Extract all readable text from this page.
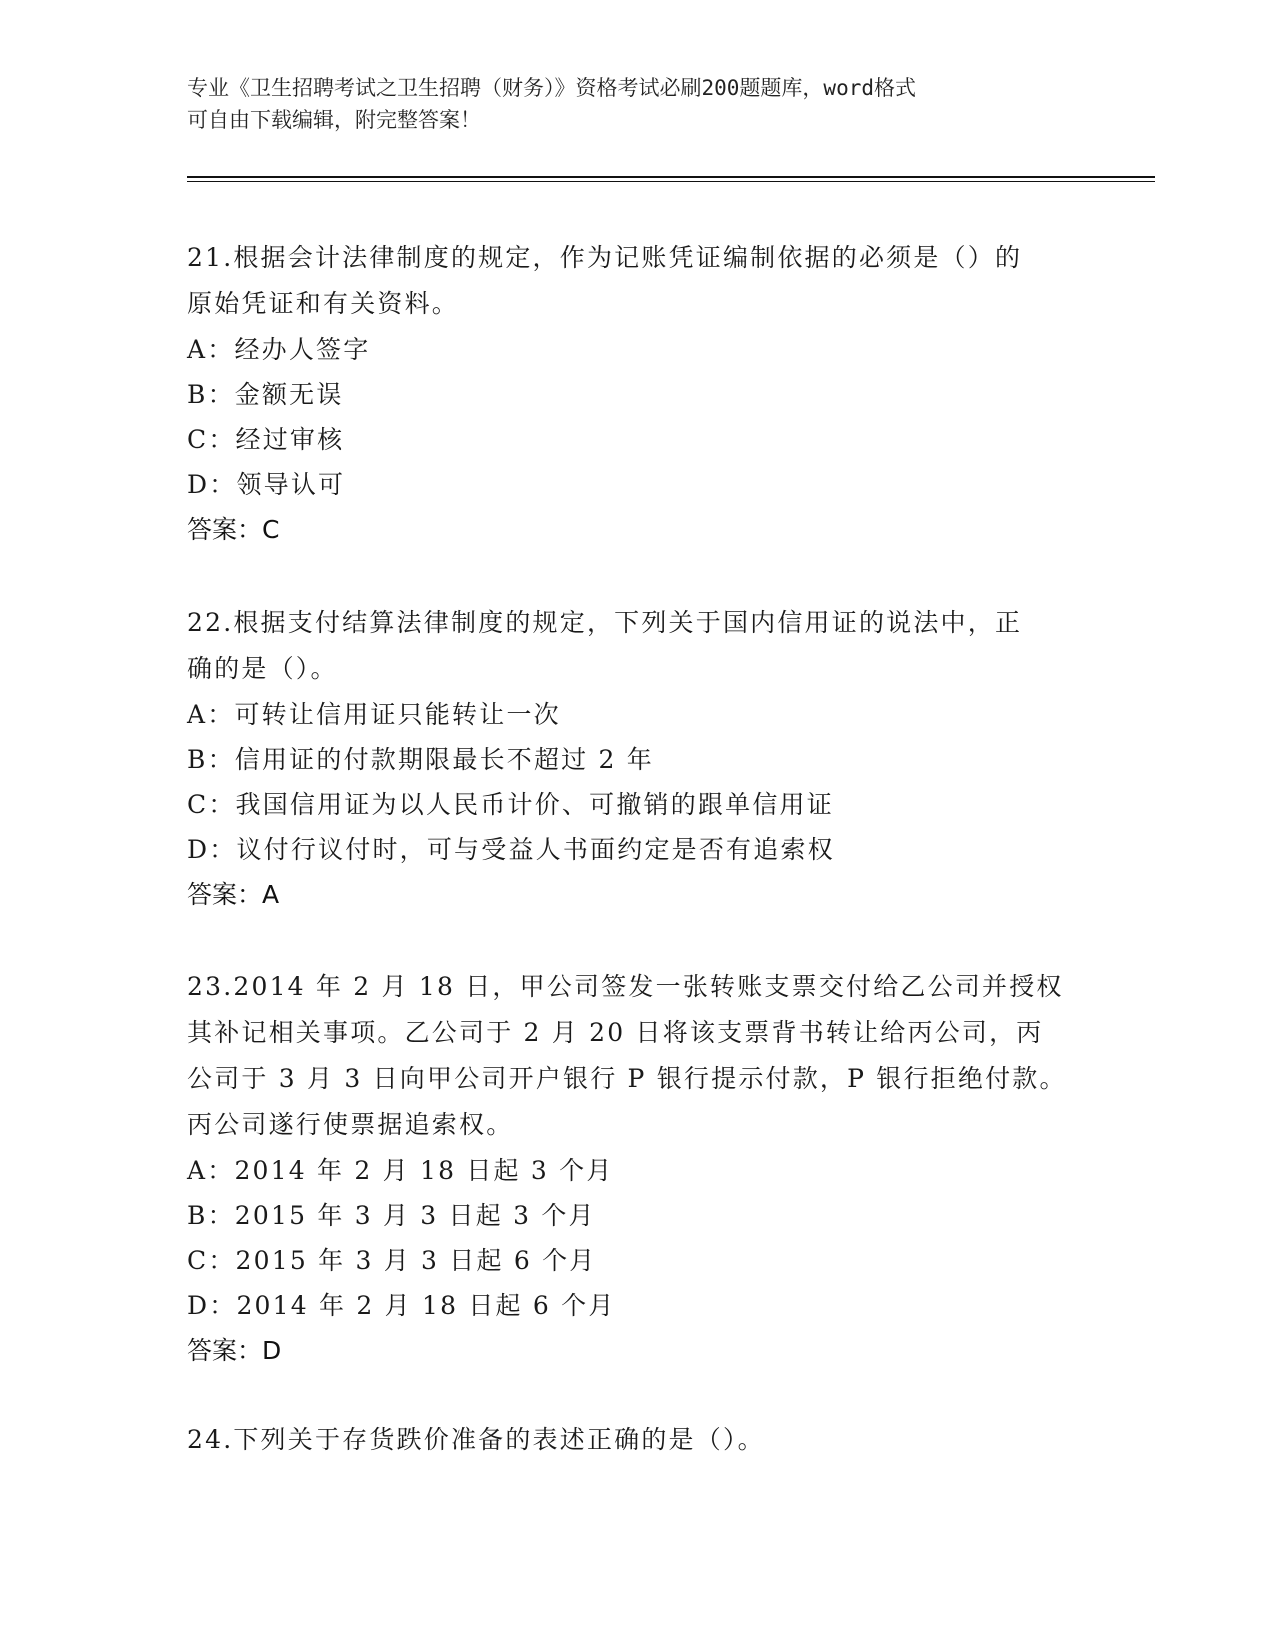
专业《卫生招聘考试之卫生招聘（财务）》资格考试必刷200题题库，word格式
可自由下载编辑，附完整答案！

21.根据会计法律制度的规定，作为记账凭证编制依据的必须是（）的

原始凭证和有关资料。

A：经办人签字

B：金额无误

C：经过审核

D：领导认可

答案：C

22.根据支付结算法律制度的规定，下列关于国内信用证的说法中，正

确的是（）。

A：可转让信用证只能转让一次

B：信用证的付款期限最长不超过 2 年

C：我国信用证为以人民币计价、可撤销的跟单信用证

D：议付行议付时，可与受益人书面约定是否有追索权

答案：A

23.2014 年 2 月 18 日，甲公司签发一张转账支票交付给乙公司并授权

其补记相关事项。乙公司于 2 月 20 日将该支票背书转让给丙公司，丙

公司于 3 月 3 日向甲公司开户银行 P 银行提示付款，P 银行拒绝付款。

丙公司遂行使票据追索权。

A：2014 年 2 月 18 日起 3 个月

B：2015 年 3 月 3 日起 3 个月

C：2015 年 3 月 3 日起 6 个月

D：2014 年 2 月 18 日起 6 个月

答案：D

24.下列关于存货跌价准备的表述正确的是（）。
